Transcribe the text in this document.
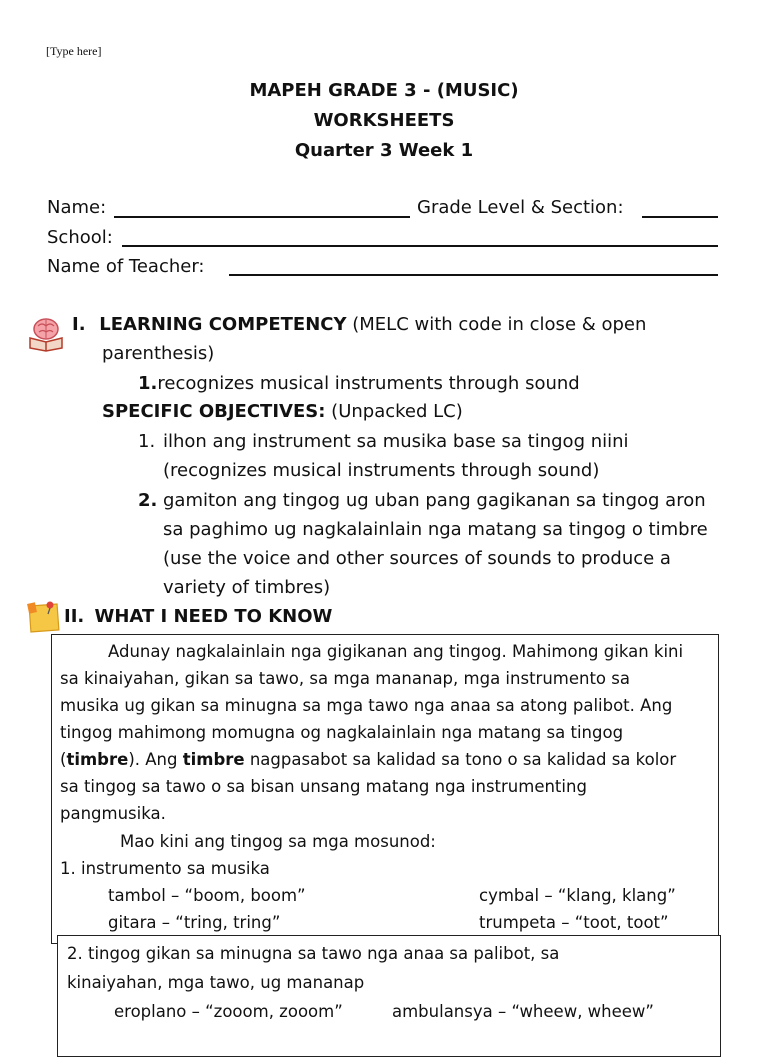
[Type here]
MAPEH GRADE 3 - (MUSIC)
WORKSHEETS
Quarter 3 Week 1
Name:	Grade Level & Section:
School:
Name of Teacher:
I. LEARNING COMPETENCY (MELC with code in close & open
parenthesis)
1.recognizes musical instruments through sound
SPECIFIC OBJECTIVES: (Unpacked LC)
1. ilhon ang instrument sa musika base sa tingog niini
(recognizes musical instruments through sound)
2. gamiton ang tingog ug uban pang gagikanan sa tingog aron
sa paghimo ug nagkalainlain nga matang sa tingog o timbre
(use the voice and other sources of sounds to produce a
variety of timbres)
II. WHAT I NEED TO KNOW
Adunay nagkalainlain nga gigikanan ang tingog. Mahimong gikan kini
sa kinaiyahan, gikan sa tawo, sa mga mananap, mga instrumento sa
musika ug gikan sa minugna sa mga tawo nga anaa sa atong palibot. Ang
tingog mahimong momugna og nagkalainlain nga matang sa tingog
(timbre). Ang timbre nagpasabot sa kalidad sa tono o sa kalidad sa kolor
sa tingog sa tawo o sa bisan unsang matang nga instrumenting
pangmusika.
Mao kini ang tingog sa mga mosunod:
1. instrumento sa musika
tambol – “boom, boom”	cymbal – “klang, klang”
gitara – “tring, tring”	trumpeta – “toot, toot”
2. tingog gikan sa minugna sa tawo nga anaa sa palibot, sa
kinaiyahan, mga tawo, ug mananap
eroplano – “zooom, zooom”	ambulansya – “wheew, wheew”
